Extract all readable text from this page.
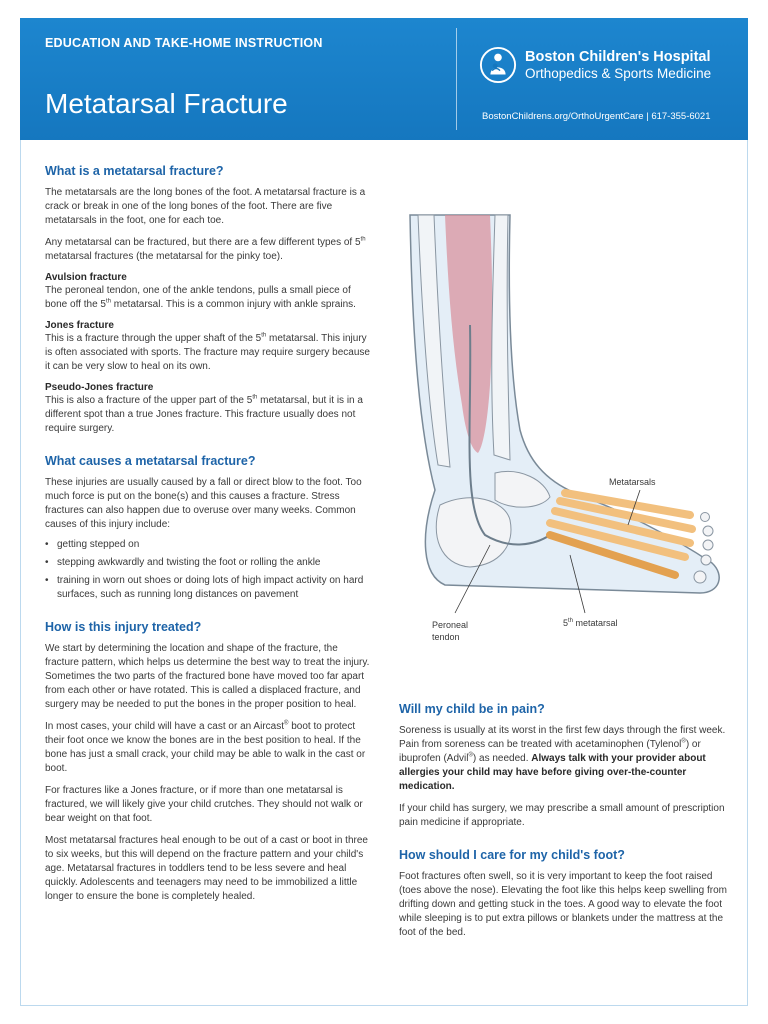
EDUCATION AND TAKE-HOME INSTRUCTION
Metatarsal Fracture
Boston Children's Hospital
Orthopedics & Sports Medicine
BostonChildrens.org/OrthoUrgentCare | 617-355-6021
What is a metatarsal fracture?

The metatarsals are the long bones of the foot. A metatarsal fracture is a crack or break in one of the long bones of the foot. There are five metatarsals in the foot, one for each toe.

Any metatarsal can be fractured, but there are a few different types of 5th metatarsal fractures (the metatarsal for the pinky toe).

Avulsion fracture

The peroneal tendon, one of the ankle tendons, pulls a small piece of bone off the 5th metatarsal. This is a common injury with ankle sprains.

Jones fracture

This is a fracture through the upper shaft of the 5th metatarsal. This injury is often associated with sports. The fracture may require surgery because it can be very slow to heal on its own.

Pseudo-Jones fracture

This is also a fracture of the upper part of the 5th metatarsal, but it is in a different spot than a true Jones fracture. This fracture usually does not require surgery.

What causes a metatarsal fracture?

These injuries are usually caused by a fall or direct blow to the foot. Too much force is put on the bone(s) and this causes a fracture. Stress fractures can also happen due to overuse over many weeks. Common causes of this injury include:

• getting stepped on
• stepping awkwardly and twisting the foot or rolling the ankle
• training in worn out shoes or doing lots of high impact activity on hard surfaces, such as running long distances on pavement
How is this injury treated?

We start by determining the location and shape of the fracture, the fracture pattern, which helps us determine the best way to treat the injury. Sometimes the two parts of the fractured bone have moved too far apart from each other or have rotated. This is called a displaced fracture, and surgery may be needed to put the bones in the proper position to heal.

In most cases, your child will have a cast or an Aircast® boot to protect their foot once we know the bones are in the best position to heal. If the bone has just a small crack, your child may be able to walk in the cast or boot.

For fractures like a Jones fracture, or if more than one metatarsal is fractured, we will likely give your child crutches. They should not walk or bear weight on that foot.

Most metatarsal fractures heal enough to be out of a cast or boot in three to six weeks, but this will depend on the fracture pattern and your child's age. Metatarsal fractures in toddlers tend to be less severe and heal quickly. Adolescents and teenagers may need to be immobilized a little longer to ensure the bone is completely healed.

Metatarsals
Peroneal
tendon
5th metatarsal
Will my child be in pain?

Soreness is usually at its worst in the first few days through the first week. Pain from soreness can be treated with acetaminophen (Tylenol®) or ibuprofen (Advil®) as needed. Always talk with your provider about allergies your child may have before giving over-the-counter medication.

If your child has surgery, we may prescribe a small amount of prescription pain medicine if appropriate.

How should I care for my child's foot?

Foot fractures often swell, so it is very important to keep the foot raised (toes above the nose). Elevating the foot like this helps keep swelling from drifting down and getting stuck in the toes. A good way to elevate the foot while sleeping is to put extra pillows or blankets under the mattress at the foot of the bed.
